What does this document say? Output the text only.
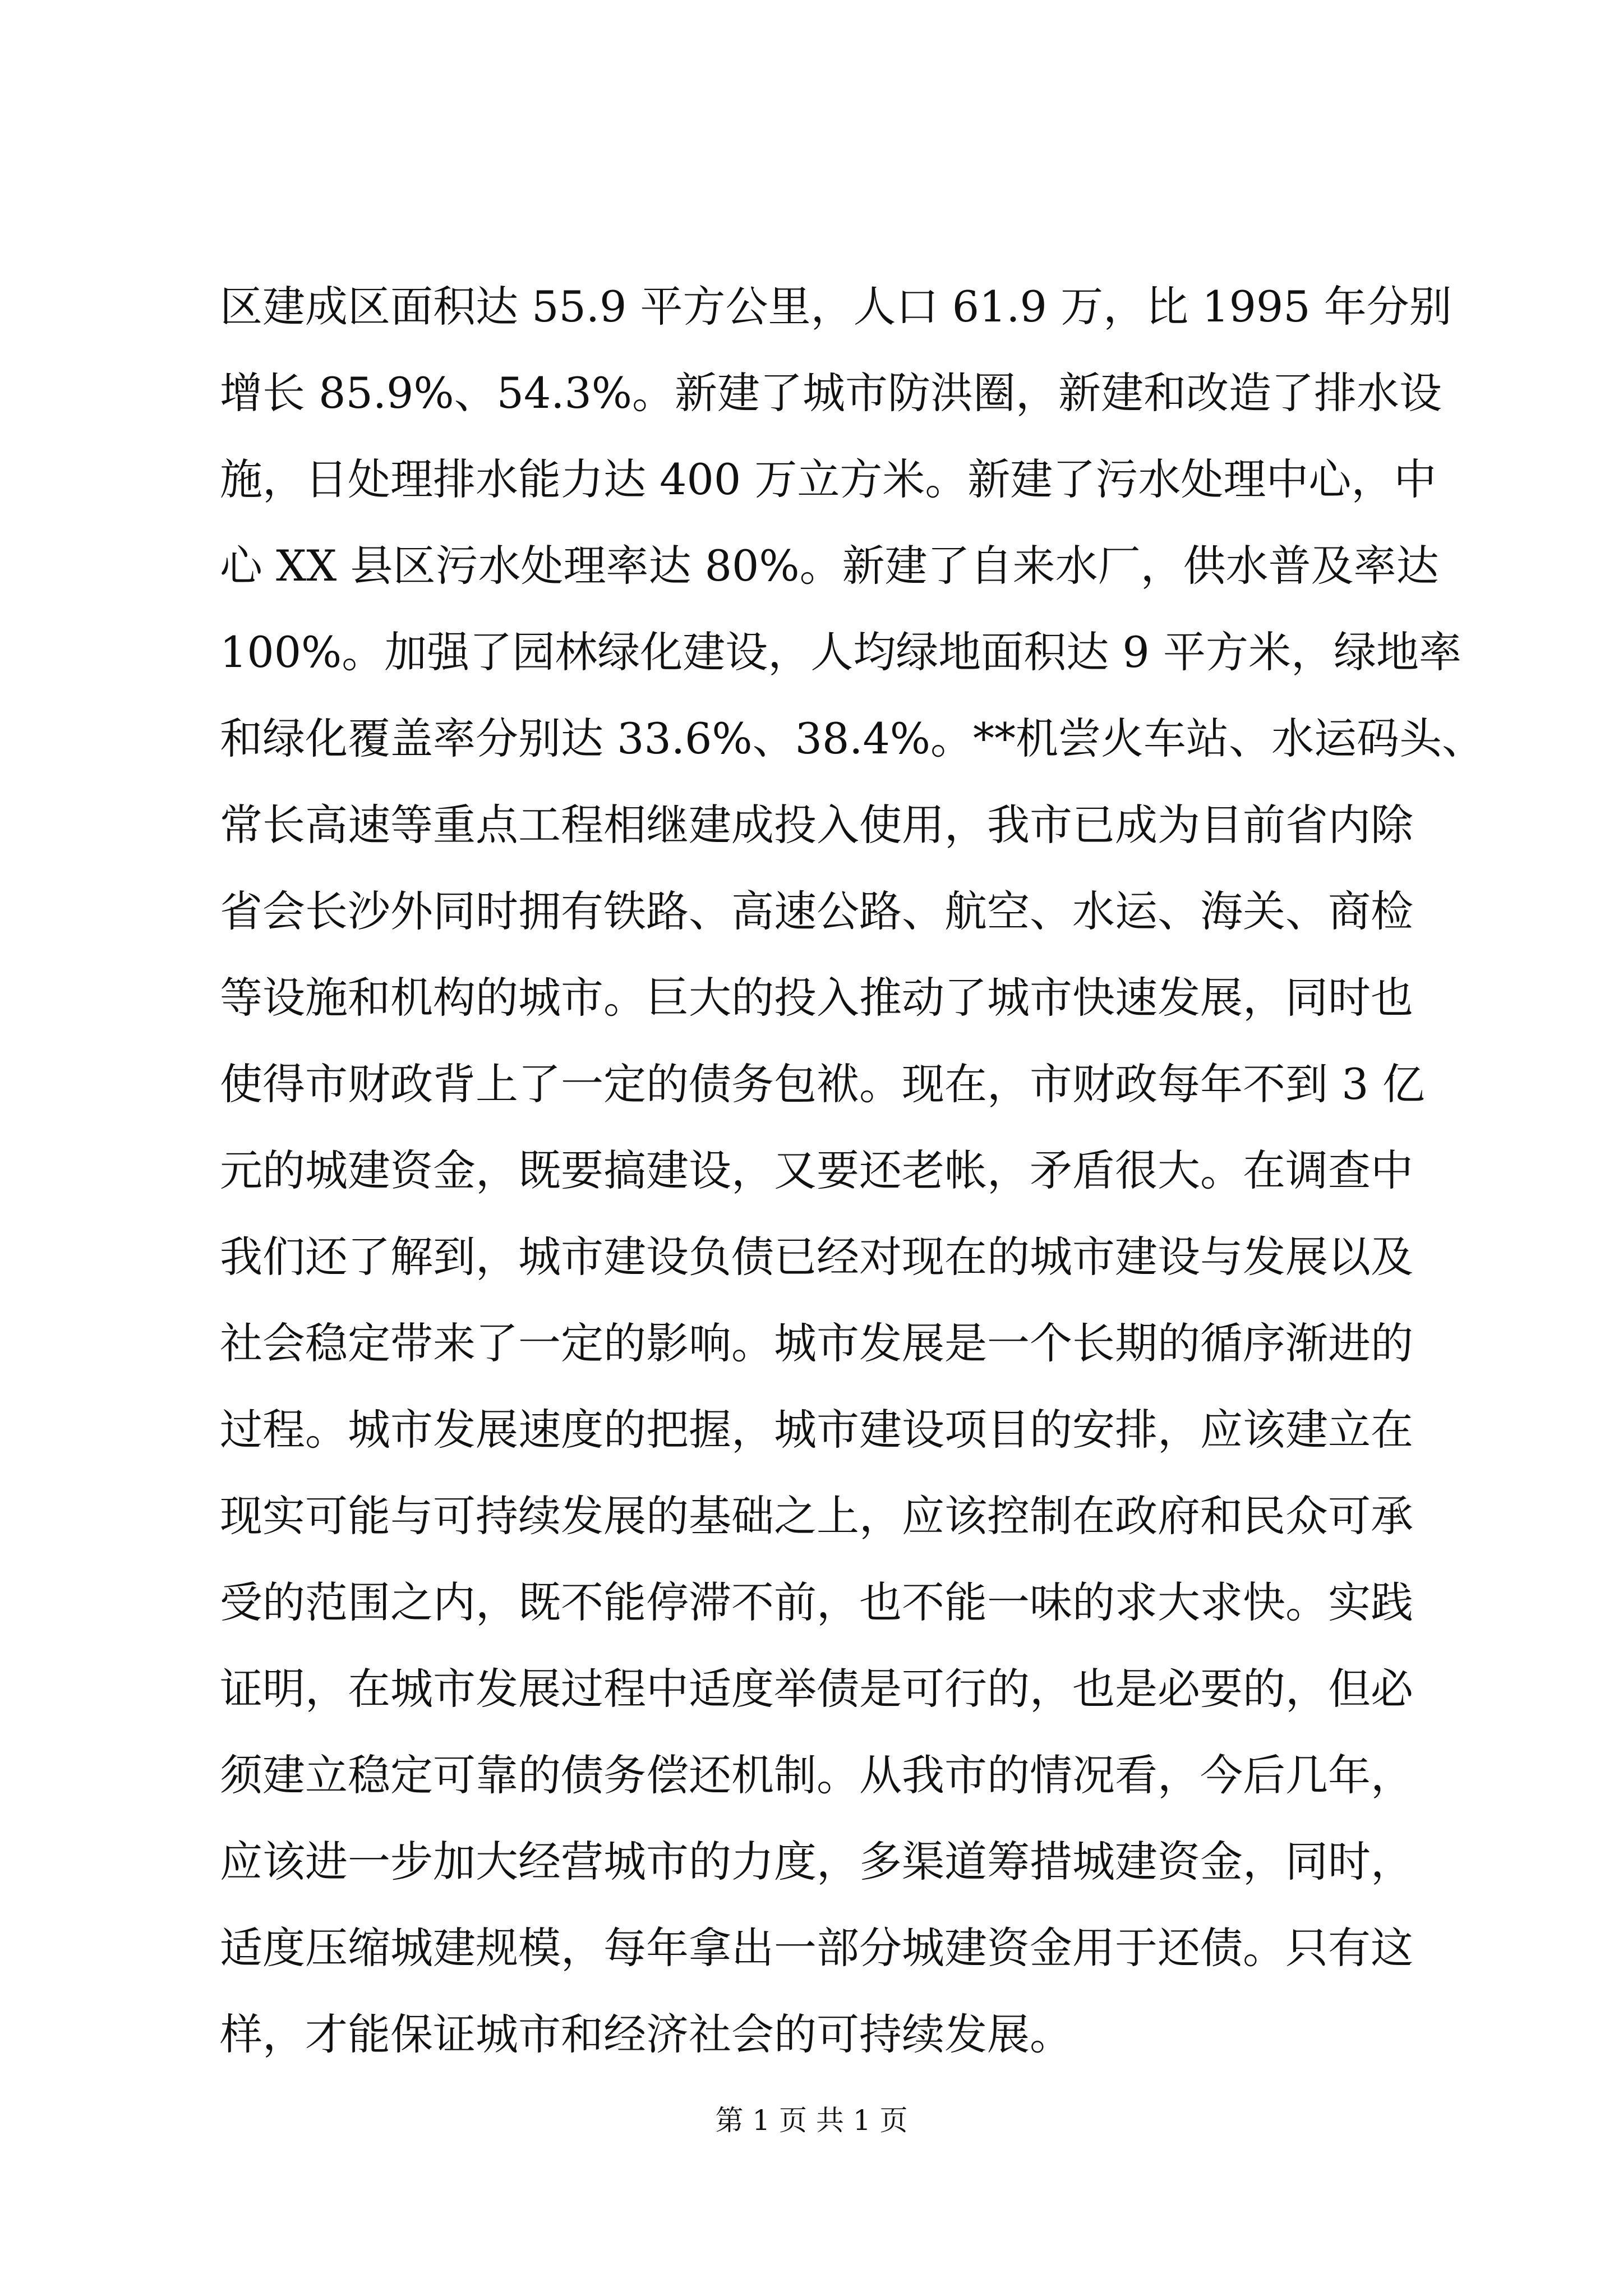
区建成区面积达 55.9 平方公里，人口 61.9 万，比 1995 年分别
增长 85.9%、54.3%。新建了城市防洪圈，新建和改造了排水设
施，日处理排水能力达 400 万立方米。新建了污水处理中心，中
心 XX 县区污水处理率达 80%。新建了自来水厂，供水普及率达
100%。加强了园林绿化建设，人均绿地面积达 9 平方米，绿地率
和绿化覆盖率分别达 33.6%、38.4%。**机尝火车站、水运码头、
常长高速等重点工程相继建成投入使用，我市已成为目前省内除
省会长沙外同时拥有铁路、高速公路、航空、水运、海关、商检
等设施和机构的城市。巨大的投入推动了城市快速发展，同时也
使得市财政背上了一定的债务包袱。现在，市财政每年不到 3 亿
元的城建资金，既要搞建设，又要还老帐，矛盾很大。在调查中
我们还了解到，城市建设负债已经对现在的城市建设与发展以及
社会稳定带来了一定的影响。城市发展是一个长期的循序渐进的
过程。城市发展速度的把握，城市建设项目的安排，应该建立在
现实可能与可持续发展的基础之上，应该控制在政府和民众可承
受的范围之内，既不能停滞不前，也不能一味的求大求快。实践
证明，在城市发展过程中适度举债是可行的，也是必要的，但必
须建立稳定可靠的债务偿还机制。从我市的情况看，今后几年，
应该进一步加大经营城市的力度，多渠道筹措城建资金，同时，
适度压缩城建规模，每年拿出一部分城建资金用于还债。只有这
样，才能保证城市和经济社会的可持续发展。
第 1 页 共 1 页
